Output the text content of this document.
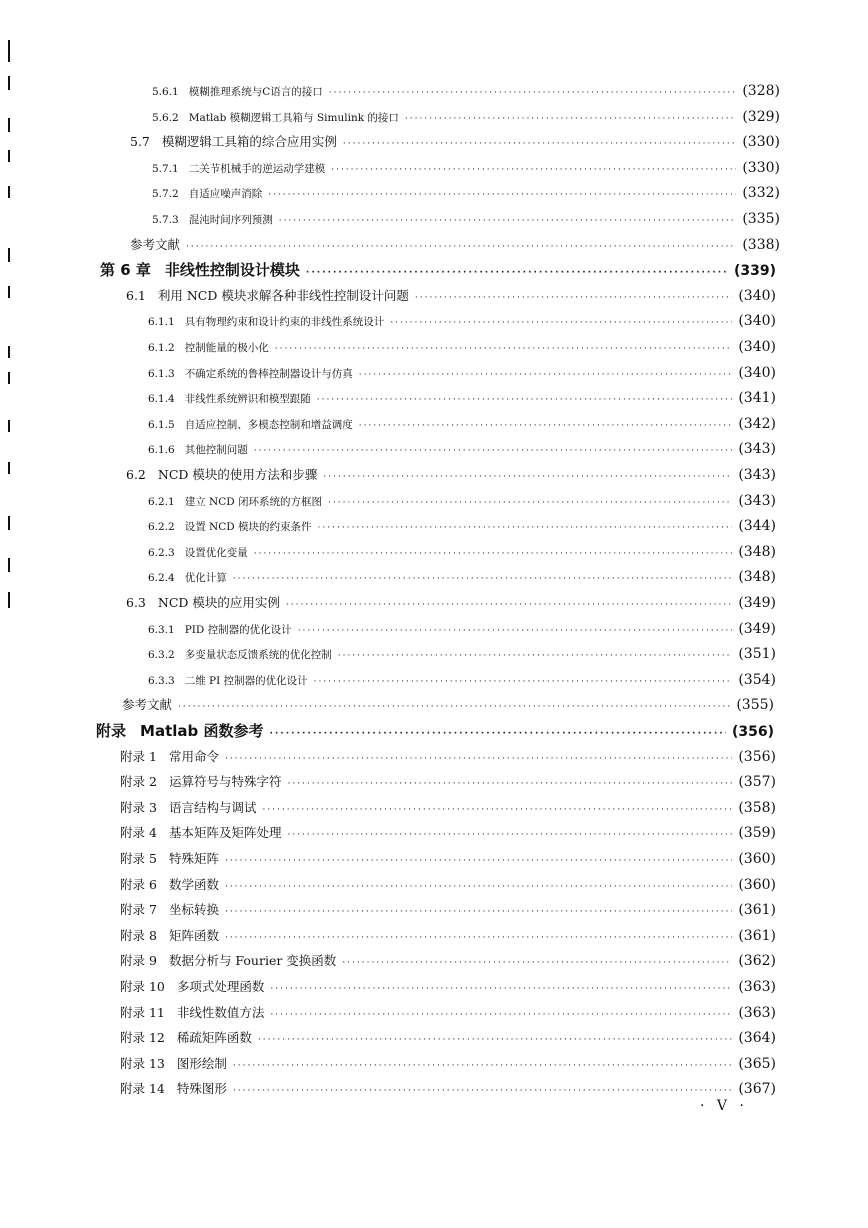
5.6.1 模糊推理系统与C语言的接口 ·····	(328)
5.6.2 Matlab 模糊逻辑工具箱与 Simulink 的接口 ·····	(329)
5.7 模糊逻辑工具箱的综合应用实例 ·····	(330)
5.7.1 二关节机械手的逆运动学建模 ·····	(330)
5.7.2 自适应噪声消除 ·····	(332)
5.7.3 混沌时间序列预测 ·····	(335)
参考文献 ·····	(338)
第 6 章 非线性控制设计模块 ·····	(339)
6.1 利用 NCD 模块求解各种非线性控制设计问题 ·····	(340)
6.1.1 具有物理约束和设计约束的非线性系统设计 ·····	(340)
6.1.2 控制能量的极小化 ·····	(340)
6.1.3 不确定系统的鲁棒控制器设计与仿真 ·····	(340)
6.1.4 非线性系统辨识和模型跟随 ·····	(341)
6.1.5 自适应控制、多模态控制和增益调度 ·····	(342)
6.1.6 其他控制问题 ·····	(343)
6.2 NCD 模块的使用方法和步骤 ·····	(343)
6.2.1 建立 NCD 闭环系统的方框图 ·····	(343)
6.2.2 设置 NCD 模块的约束条件 ·····	(344)
6.2.3 设置优化变量 ·····	(348)
6.2.4 优化计算 ·····	(348)
6.3 NCD 模块的应用实例 ·····	(349)
6.3.1 PID 控制器的优化设计 ·····	(349)
6.3.2 多变量状态反馈系统的优化控制 ·····	(351)
6.3.3 二维 PI 控制器的优化设计 ·····	(354)
参考文献 ·····	(355)
附录 Matlab 函数参考 ·····	(356)
附录 1 常用命令 ·····	(356)
附录 2 运算符号与特殊字符 ·····	(357)
附录 3 语言结构与调试 ·····	(358)
附录 4 基本矩阵及矩阵处理 ·····	(359)
附录 5 特殊矩阵 ·····	(360)
附录 6 数学函数 ·····	(360)
附录 7 坐标转换 ·····	(361)
附录 8 矩阵函数 ·····	(361)
附录 9 数据分析与 Fourier 变换函数 ·····	(362)
附录 10 多项式处理函数 ·····	(363)
附录 11 非线性数值方法 ·····	(363)
附录 12 稀疏矩阵函数 ·····	(364)
附录 13 图形绘制 ·····	(365)
附录 14 特殊图形 ·····	(367)
· V ·
